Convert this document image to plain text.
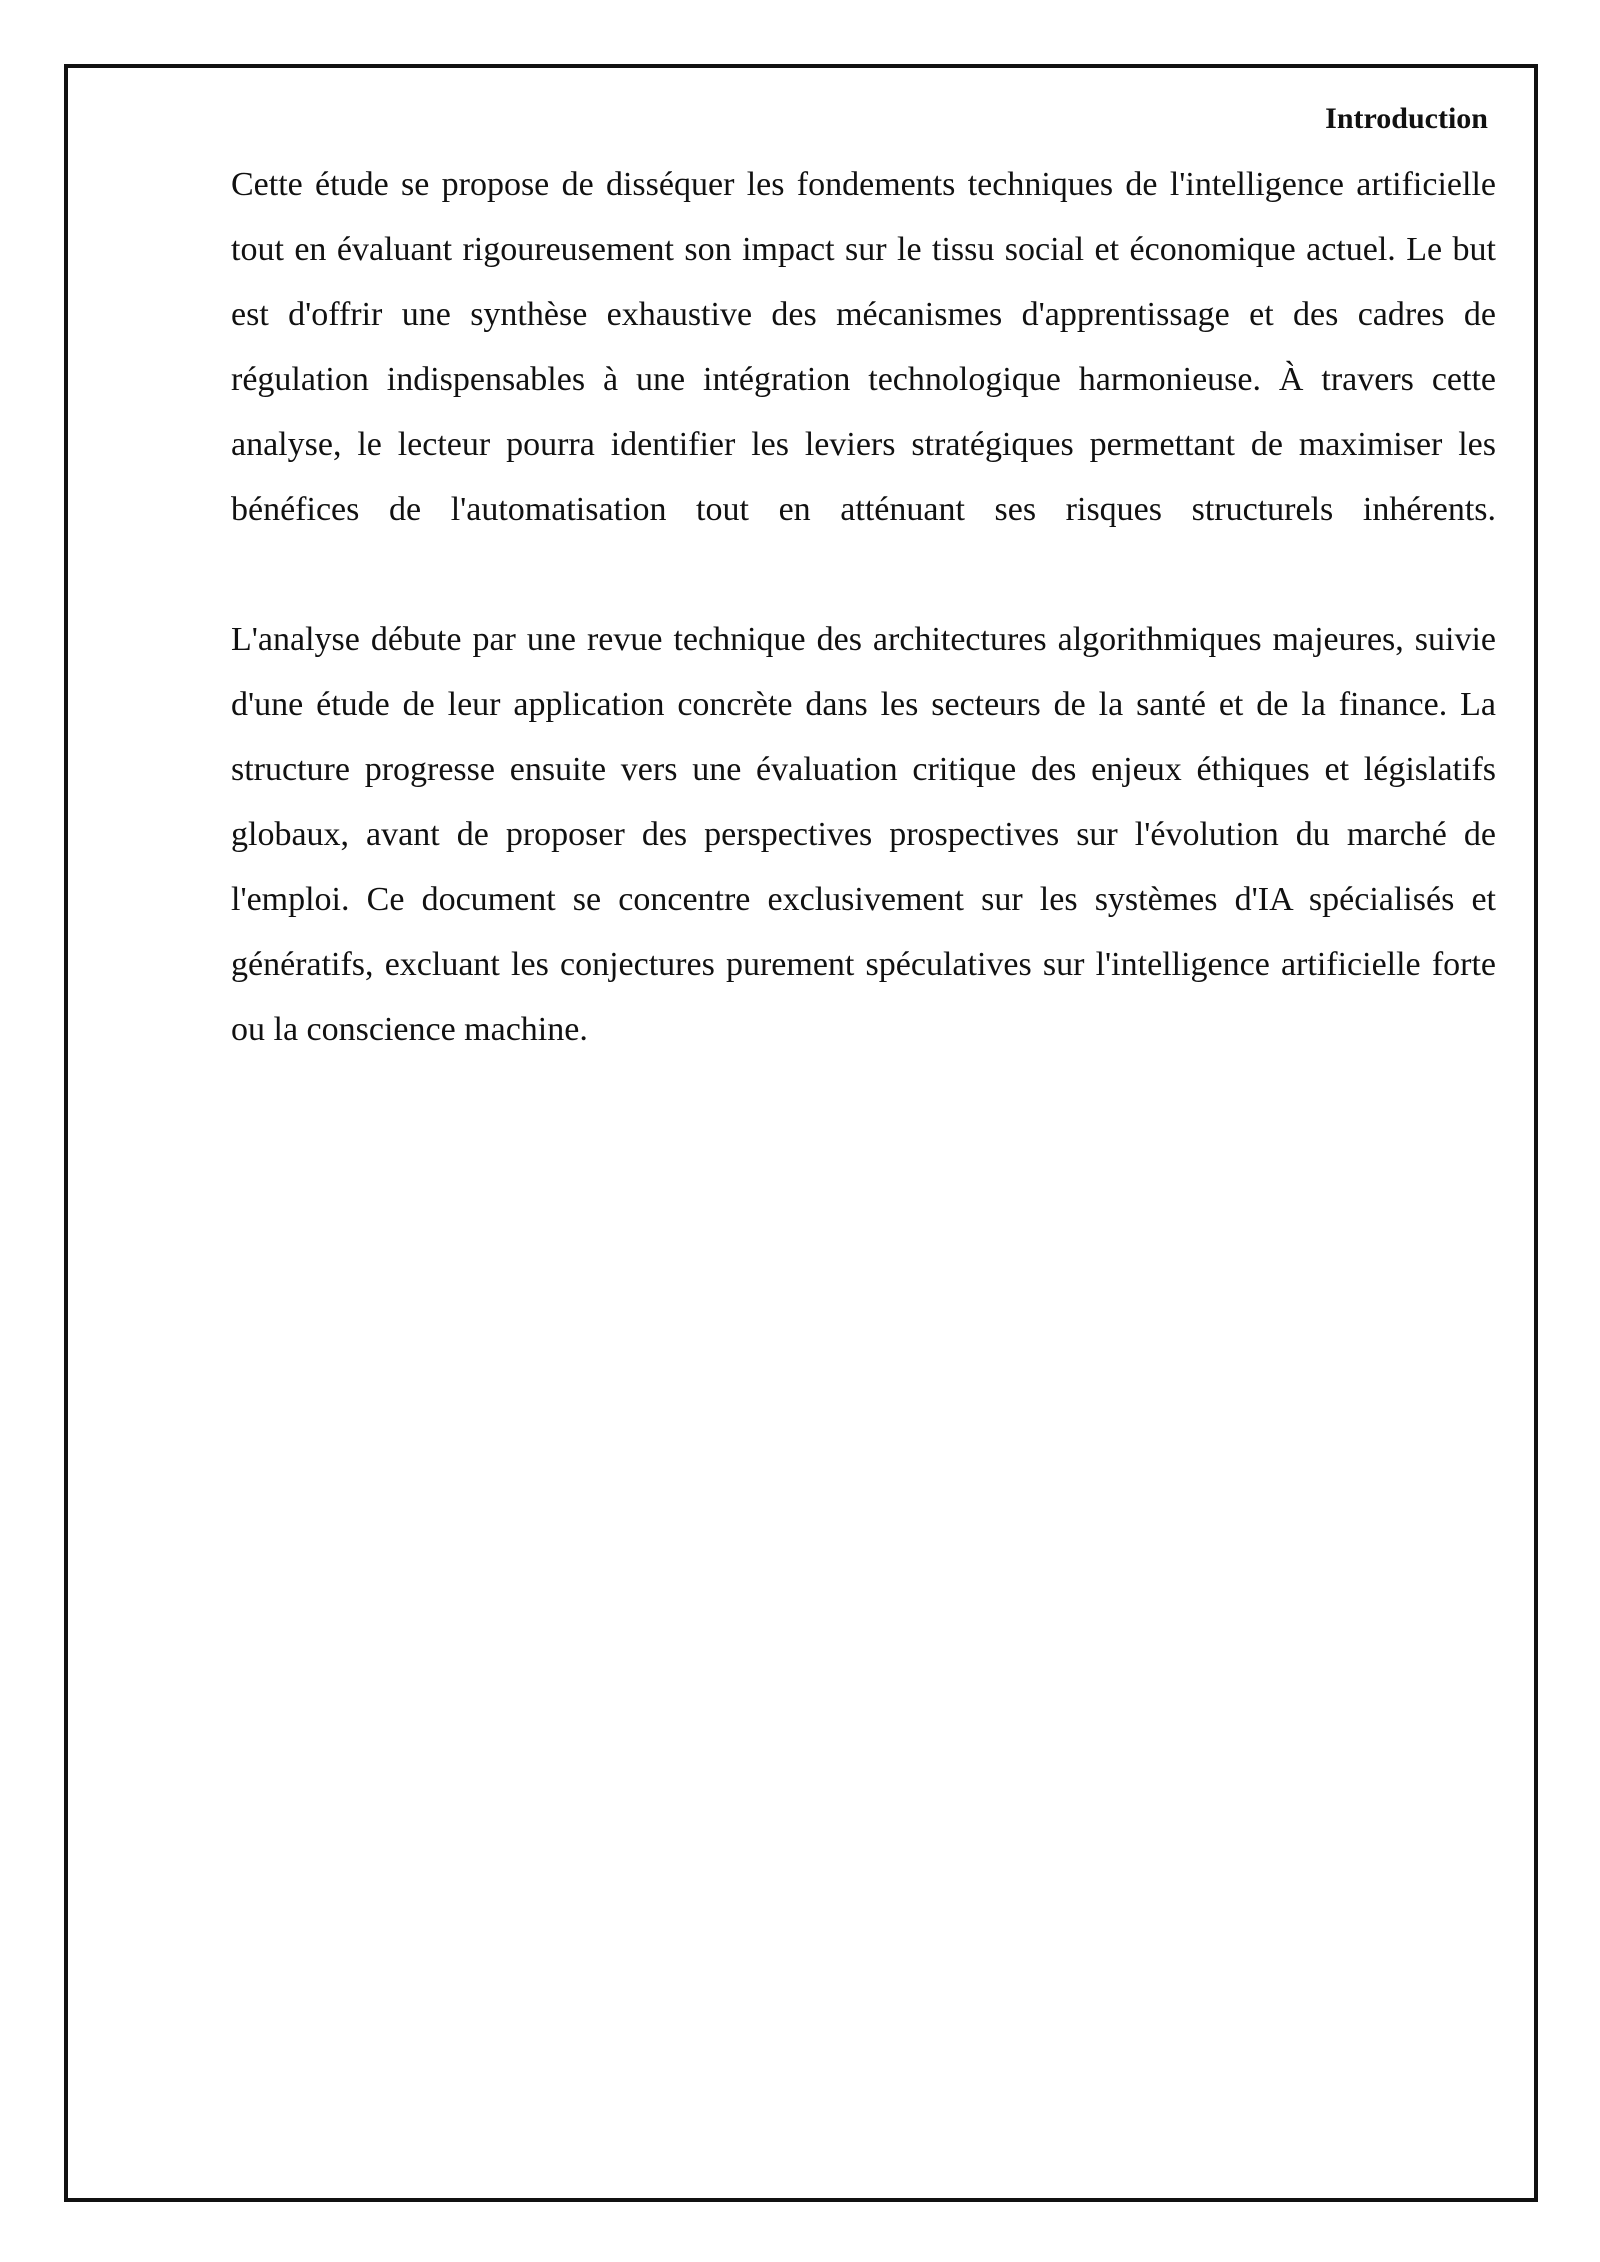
Introduction

Cette étude se propose de disséquer les fondements techniques de l'intelligence artificielle tout en évaluant rigoureusement son impact sur le tissu social et économique actuel. Le but est d'offrir une synthèse exhaustive des mécanismes d'apprentissage et des cadres de régulation indispensables à une intégration technologique harmonieuse. À travers cette analyse, le lecteur pourra identifier les leviers stratégiques permettant de maximiser les bénéfices de l'automatisation tout en atténuant ses risques structurels inhérents.

L'analyse débute par une revue technique des architectures algorithmiques majeures, suivie d'une étude de leur application concrète dans les secteurs de la santé et de la finance. La structure progresse ensuite vers une évaluation critique des enjeux éthiques et législatifs globaux, avant de proposer des perspectives prospectives sur l'évolution du marché de l'emploi. Ce document se concentre exclusivement sur les systèmes d'IA spécialisés et génératifs, excluant les conjectures purement spéculatives sur l'intelligence artificielle forte ou la conscience machine.
